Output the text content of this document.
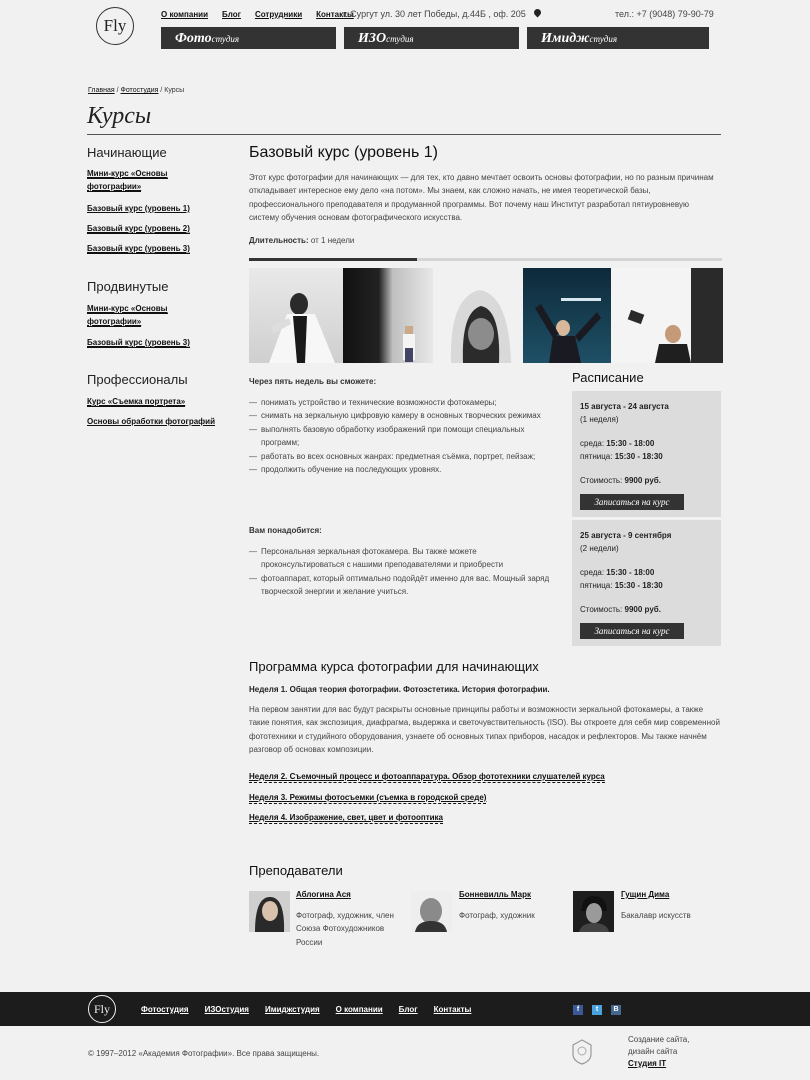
Fly
О компании Блог Сотрудники Контакты
г. Сургут ул. 30 лет Победы, д.44Б , оф. 205	тел.: +7 (9048) 79-90-79
Фотостудия	ИЗОстудия	Имиджстудия
Главная / Фотостудия / Курсы
Курсы
Начинающие
Мини-курс «Основы фотографии»
Базовый курс (уровень 1)
Базовый курс (уровень 2)
Базовый курс (уровень 3)
Продвинутые
Мини-курс «Основы фотографии»
Базовый курс (уровень 3)
Профессионалы
Курс «Съемка портрета»
Основы обработки фотографий
Базовый курс (уровень 1)

Этот курс фотографии для начинающих — для тех, кто давно мечтает освоить основы фотографии, но по разным причинам откладывает интересное ему дело «на потом». Мы знаем, как сложно начать, не имея теоретической базы, профессионального преподавателя и продуманной программы. Вот почему наш Институт разработал пятиуровневую систему обучения основам фотографического искусства.

Длительность: от 1 недели
Через пять недель вы сможете:
— понимать устройство и технические возможности фотокамеры;
— снимать на зеркальную цифровую камеру в основных творческих режимах
— выполнять базовую обработку изображений при помощи специальных программ;
— работать во всех основных жанрах: предметная съёмка, портрет, пейзаж;
— продолжить обучение на последующих уровнях.
Вам понадобится:
— Персональная зеркальная фотокамера. Вы также можете проконсультироваться с нашими преподавателями и приобрести
— фотоаппарат, который оптимально подойдёт именно для вас. Мощный заряд творческой энергии и желание учиться.
Расписание
15 августа - 24 августа
(1 неделя)
среда: 15:30 - 18:00
пятница: 15:30 - 18:30
Стоимость: 9900 руб.
Записаться на курс
25 августа - 9 сентября
(2 недели)
среда: 15:30 - 18:00
пятница: 15:30 - 18:30
Стоимость: 9900 руб.
Записаться на курс
Программа курса фотографии для начинающих
Неделя 1. Общая теория фотографии. Фотоэстетика. История фотографии.

На первом занятии для вас будут раскрыты основные принципы работы и возможности зеркальной фотокамеры, а также такие понятия, как экспозиция, диафрагма, выдержка и светочувствительность (ISO). Вы откроете для себя мир современной фототехники и студийного оборудования, узнаете об основных типах приборов, насадок и рефлекторов. Мы также начнём разговор об основах композиции.

Неделя 2. Съемочный процесс и фотоаппаратура. Обзор фототехники слушателей курса
Неделя 3. Режимы фотосъемки (съемка в городской среде)
Неделя 4. Изображение, свет, цвет и фотооптика
Преподаватели
Аблогина Ася
Фотограф, художник, член Союза Фотохудожников России
Бонневилль Марк
Фотограф, художник
Гущин Дима
Бакалавр искусств
Fly	Фотостудия ИЗОстудия Имиджстудия О компании Блог Контакты	f	t	B
© 1997–2012 «Академия Фотографии». Все права защищены.
Создание сайта,
дизайн сайта
Студия IT
